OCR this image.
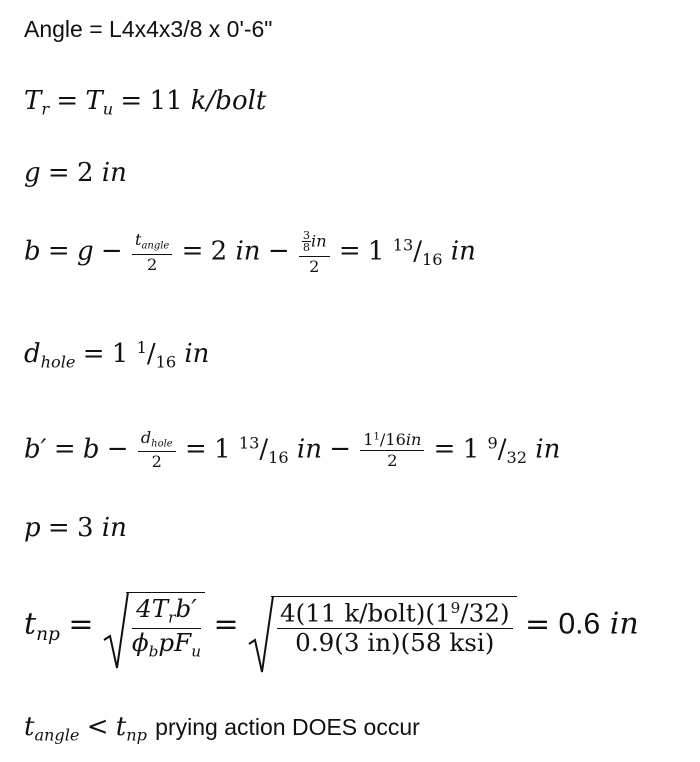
Angle = L4x4x3/8 x 0'-6"
$T_r = T_u = 11$ k/bolt
g = 2 in
$b = g - \frac{t_{angle}}{2} = 2$ in − $\frac{\frac{3}{8} in}{2} = 1$ $^{13}/_{16}$ in
$d_{hole} = 1$ $^1/_{16}$ in
$b' = b - \frac{d_{hole}}{2} = 1$ $^{13}/_{16}$ in − $\frac{1^1/16in}{2} = 1$ $^9/_{32}$ in
p = 3 in
$t_{np} = \frac{4T_rb'}{\phi_bpF_u} = \frac{4(11 k/bolt)(1^9/32)}{\text{0.9(3 in)(58 ksi)}} = 0.6$ in
$t_{angle} < t_{np}$ prying action DOES occur
